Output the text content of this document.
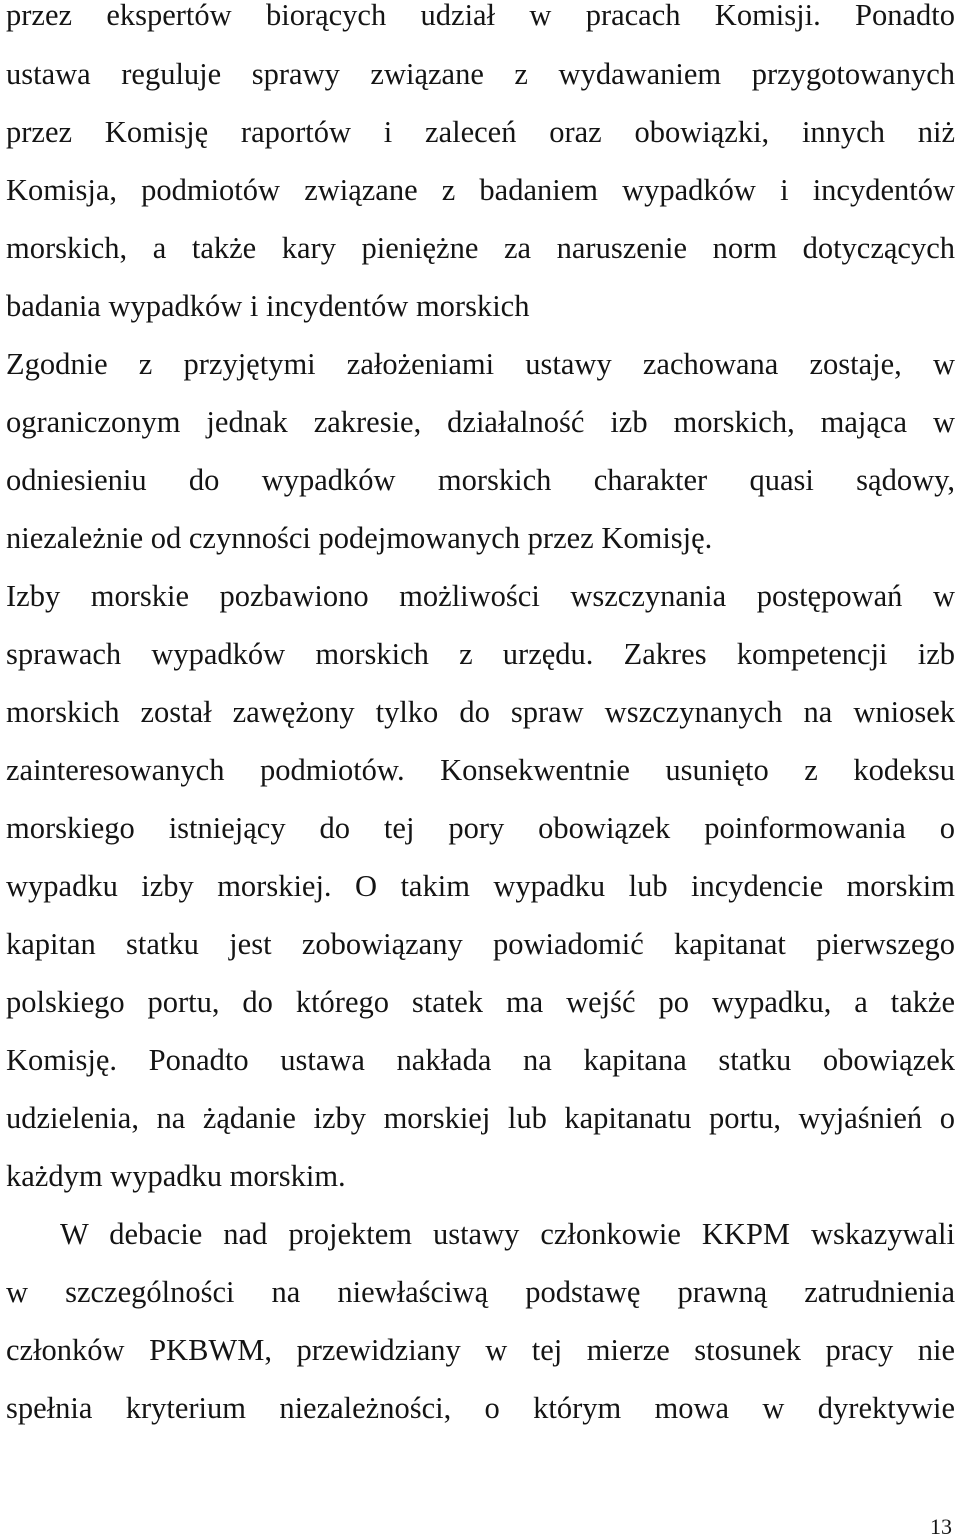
przez ekspertów biorących udział w pracach Komisji. Ponadto
ustawa reguluje sprawy związane z wydawaniem przygotowanych
przez Komisję raportów i zaleceń oraz obowiązki, innych niż
Komisja, podmiotów związane z badaniem wypadków i incydentów
morskich, a także kary pieniężne za naruszenie norm dotyczących
badania wypadków i incydentów morskich
Zgodnie z przyjętymi założeniami ustawy zachowana zostaje, w
ograniczonym jednak zakresie, działalność izb morskich, mająca w
odniesieniu do wypadków morskich charakter quasi sądowy,
niezależnie od czynności podejmowanych przez Komisję.
Izby morskie pozbawiono możliwości wszczynania postępowań w
sprawach wypadków morskich z urzędu. Zakres kompetencji izb
morskich został zawężony tylko do spraw wszczynanych na wniosek
zainteresowanych podmiotów. Konsekwentnie usunięto z kodeksu
morskiego istniejący do tej pory obowiązek poinformowania o
wypadku izby morskiej. O takim wypadku lub incydencie morskim
kapitan statku jest zobowiązany powiadomić kapitanat pierwszego
polskiego portu, do którego statek ma wejść po wypadku, a także
Komisję. Ponadto ustawa nakłada na kapitana statku obowiązek
udzielenia, na żądanie izby morskiej lub kapitanatu portu, wyjaśnień o
każdym wypadku morskim.
W debacie nad projektem ustawy członkowie KKPM wskazywali
w szczególności na niewłaściwą podstawę prawną zatrudnienia
członków PKBWM, przewidziany w tej mierze stosunek pracy nie
spełnia kryterium niezależności, o którym mowa w dyrektywie
13
